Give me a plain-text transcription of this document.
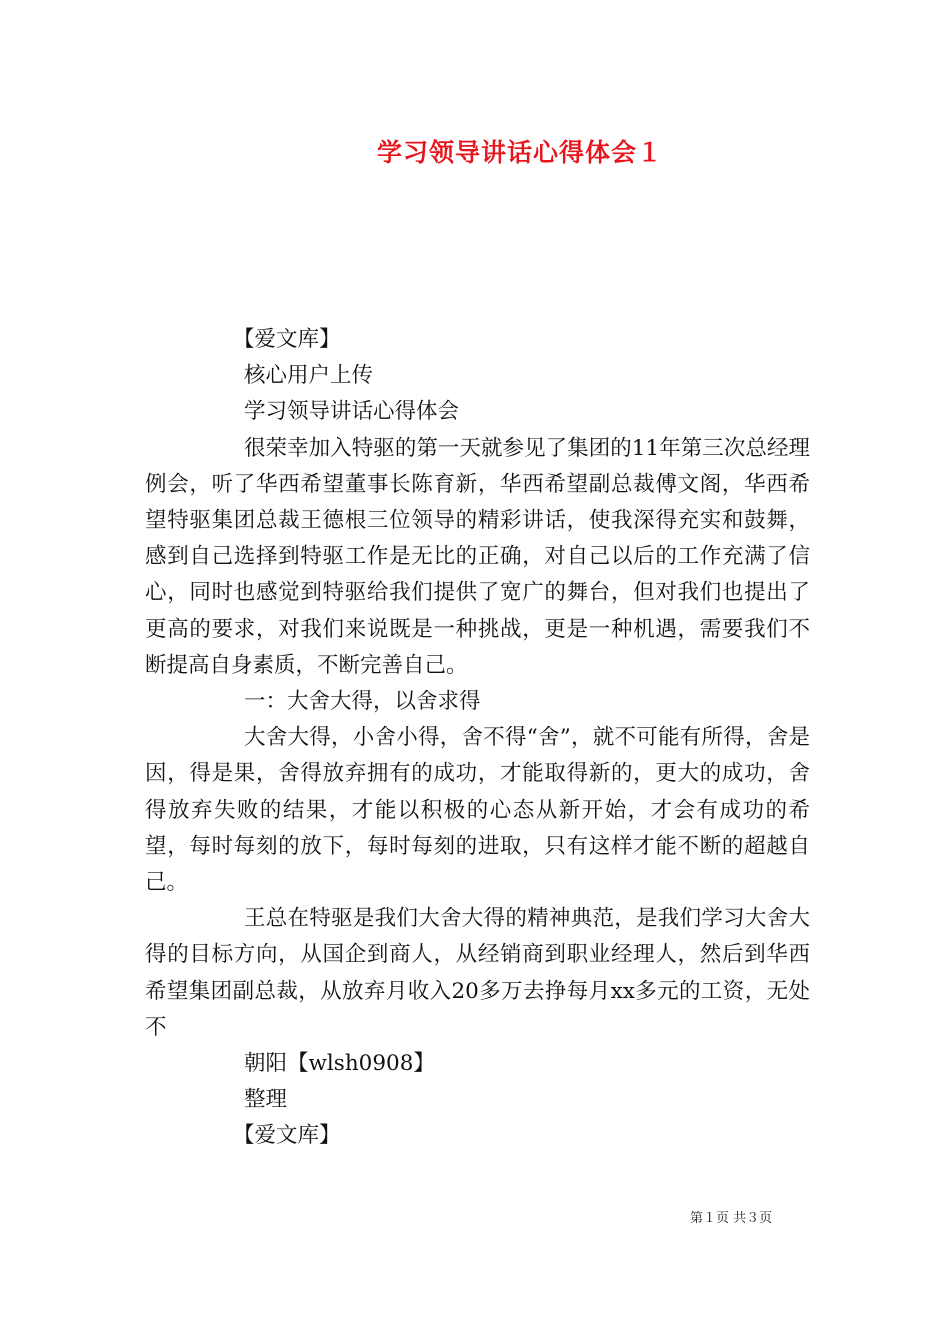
学习领导讲话心得体会１
【爱文库】
核心用户上传
学习领导讲话心得体会

很荣幸加入特驱的第一天就参见了集团的11年第三次总经理例会，听了华西希望董事长陈育新，华西希望副总裁傅文阁，华西希望特驱集团总裁王德根三位领导的精彩讲话，使我深得充实和鼓舞，感到自己选择到特驱工作是无比的正确，对自己以后的工作充满了信心，同时也感觉到特驱给我们提供了宽广的舞台，但对我们也提出了更高的要求，对我们来说既是一种挑战，更是一种机遇，需要我们不断提高自身素质，不断完善自己。

一：大舍大得，以舍求得

大舍大得，小舍小得，舍不得“舍”，就不可能有所得，舍是因，得是果，舍得放弃拥有的成功，才能取得新的，更大的成功，舍得放弃失败的结果，才能以积极的心态从新开始，才会有成功的希望，每时每刻的放下，每时每刻的进取，只有这样才能不断的超越自己。

王总在特驱是我们大舍大得的精神典范，是我们学习大舍大得的目标方向，从国企到商人，从经销商到职业经理人，然后到华西希望集团副总裁，从放弃月收入20多万去挣每月xx多元的工资，无处不

朝阳【wlsh0908】
整理
【爱文库】
第１页 共３页
